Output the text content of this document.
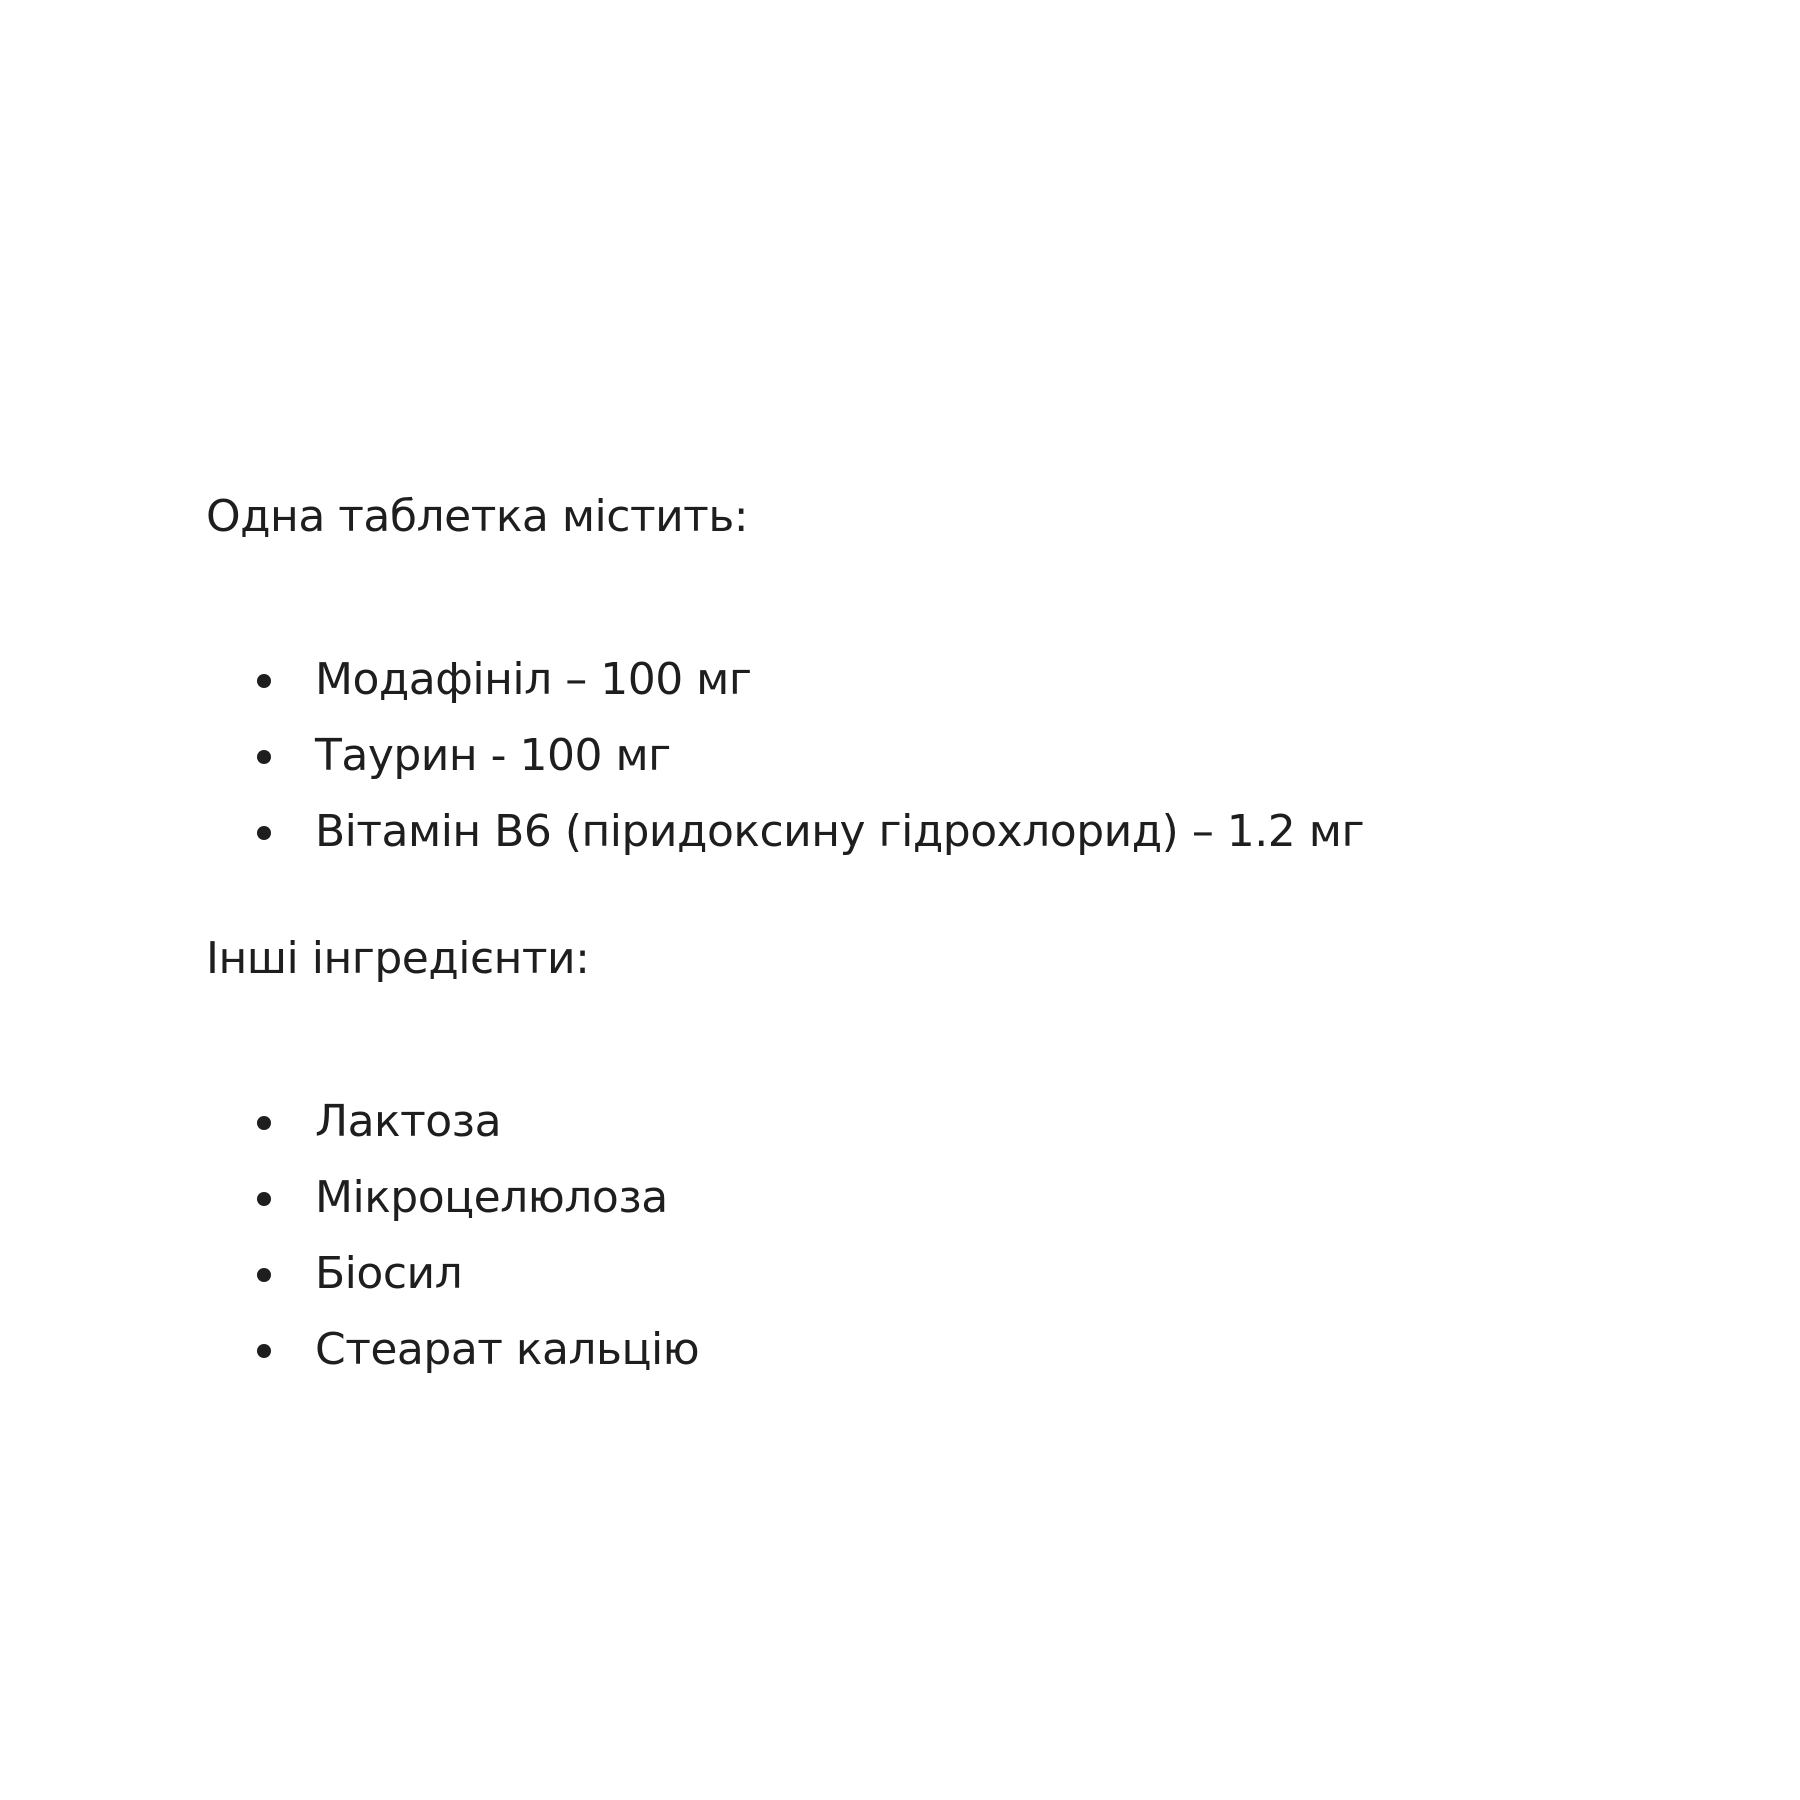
Одна таблетка містить:

Модафініл – 100 мг
Таурин - 100 мг
Вітамін B6 (піридоксину гідрохлорид) – 1.2 мг

Інші інгредієнти:

Лактоза
Мікроцелюлоза
Біосил
Стеарат кальцію
